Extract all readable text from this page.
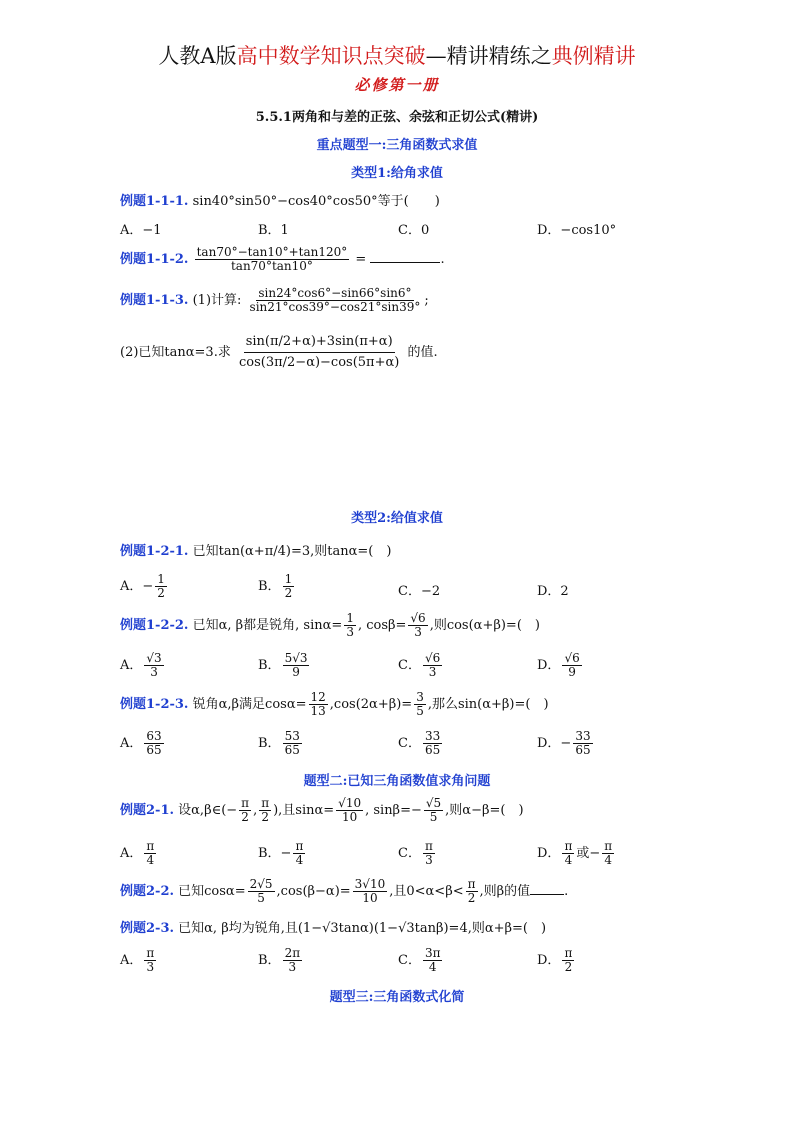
人教A版高中数学知识点突破—精讲精练之典例精讲
必修第一册
5.5.1两角和与差的正弦、余弦和正切公式(精讲)
重点题型一:三角函数式求值
类型1:给角求值
例题1-1-1. sin40°sin50°−cos40°cos50°等于(　　)
A．−1	B．1	C．0	D．−cos10°
例题1-1-2. $\frac{\tan 70^\circ-\tan 10^\circ+\tan 120^\circ}{\tan 70^\circ\tan 10^\circ}$ =	.
例题1-1-3. (1)计算: $\frac{\sin 24^\circ\cos 6^\circ-\sin 66^\circ\sin 6^\circ}{\sin 21^\circ\cos 39^\circ-\cos 21^\circ\sin 39^\circ}$ ;
(2)已知tanα=3.求 $\frac{\sin(\pi/2+\alpha)+3\sin(\pi+\alpha)}{\cos(3\pi/2-\alpha)-\cos(5\pi+\alpha)}$ 的值.
类型2:给值求值
例题1-2-1. 已知tan(α+π/4)=3,则tanα=(　)
A．− $\frac{1}{2}$	B． $\frac{1}{2}$	C．−2	D．2
例题1-2-2. 已知α, β都是锐角, $\sin\alpha= \frac{1}{3}$ , $\cos\beta= \frac{√6}{3}$ ,则cos(α+β)=(　)
A． $\frac{√3}{3}$	B． $\frac{5√3}{9}$	C． $\frac{√6}{3}$	D． $\frac{√6}{9}$
例题1-2-3. 锐角α,β满足$\cos\alpha= \frac{12}{13} ,\cos(2\alpha+\beta)= \frac{3}{5}$ ,那么sin(α+β)=(　)
A． $\frac{63}{65}$	B． $\frac{53}{65}$	C． $\frac{33}{65}$	D．− $\frac{33}{65}$
题型二:已知三角函数值求角问题
例题2-1. 设α,β∈(− $\frac{\pi}{2}$ , $\frac{\pi}{2}$ ),且$\sin\alpha= \frac{√10}{10}$ , $\sin\beta=- \frac{√5}{5}$ ,则α−β=(　)
A． $\frac{\pi}{4}$	B．− $\frac{\pi}{4}$	C． $\frac{\pi}{3}$	D． $\frac{\pi}{4}$ 或− $\frac{\pi}{4}$
例题2-2. 已知$\cos\alpha= \frac{2√5}{5} ,\cos(\beta-\alpha)= \frac{3√10}{10}$ ,且$0<\alpha<\beta< \frac{\pi}{2}$ ,则β的值	.
例题2-3. 已知α, β均为锐角,且(1−√3tanα)(1−√3tanβ)=4,则α+β=(　)
A． $\frac{\pi}{3}$	B． $\frac{2\pi}{3}$	C． $\frac{3\pi}{4}$	D． $\frac{\pi}{2}$
题型三:三角函数式化简
